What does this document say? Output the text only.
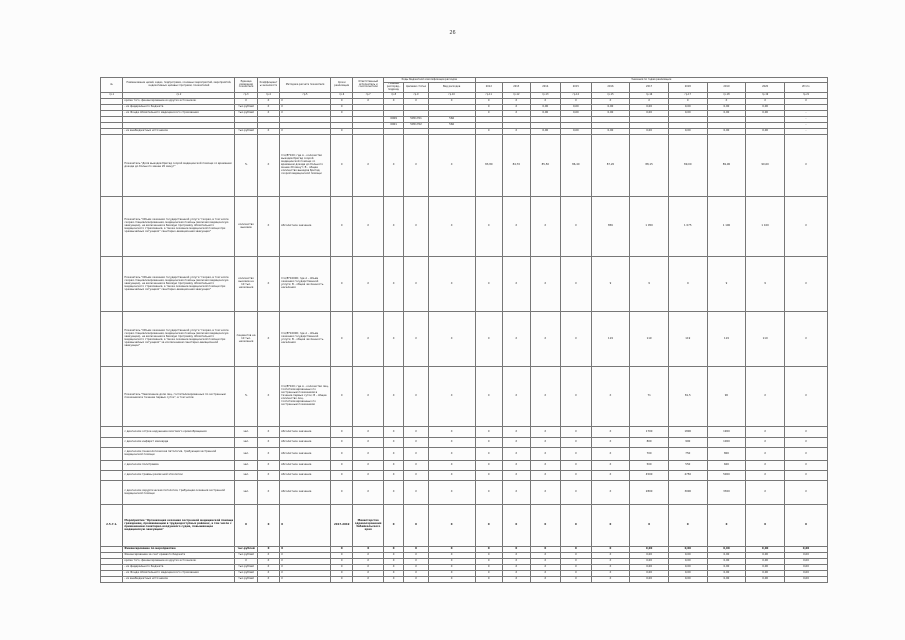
26
№	Наименование целей, задач, подпрограмм, основных мероприятий, мероприятий, индикативных целевых программ, показателей	Единица измерения показателя	Коэффициенты значимости	Методика расчета показателя	Сроки реализации	Ответственный исполнитель и соисполнители	Коды бюджетной классификации расходов			Значения по годам реализации									
							Главный распоряд., подразд.	Целевая статья	Вид расходов	2012	2013	2014	2015	2016	2017	2018	2019	2020	Итого
гр.1	гр.2	гр.3	гр.4	гр.5	гр.6	гр.7	гр.8	гр.9	гр.10	гр.11	гр.12	гр.13	гр.14	гр.15	гр.16	гр.17	гр.18	гр.19	гр.21
	кроме того, финансирование из других источников:	Х	Х	Х	Х	Х	Х	Х	Х	Х	Х	Х	Х	Х	Х	Х	Х	Х	Х
	- из федерального бюджета	тыс.рублей	Х	Х	Х					Х	Х	0,00	0,00	0,00	0,00	0,00	0,00	0,00	
	- из Фонда обязательного медицинского страхования	тыс.рублей	Х	Х	Х					Х	Х	0,00	0,00	0,00	0,00	0,00	0,00	0,00	-
							0909	5051701	560										-
							0901	5051702	560										-
	- из внебюджетных источников	тыс.рублей	Х	Х	Х					Х	Х	0,00	0,00	0,00	0,00	0,00	0,00	0,00	-
	Показатель "Доля выездов бригад скорой медицинской помощи со временем доезда до больного менее 20 минут"	%	Х	I=A/B*100; где A - количество выездов бригад скорой медицинской помощи со временем доезда до больного менее 20 минут; B - общее количество выездов бригад скорой медицинской помощи	Х	Х	Х	Х	Х	83,80	84,70	85,50	86,40	87,20	88,15	89,00	89,90	90,00	Х
	Показатель "Объем оказания государственной услуги "скорая, в том числе скорая специализированная, медицинская помощь (включая медицинскую эвакуацию), не включенная в базовую программу обязательного медицинского страхования, а также оказание медицинской помощи при чрезвычайных ситуациях" санитарно-авиационная эвакуация"	количество вызовов	Х	Абсолютное значение	Х	Х	Х	Х	Х	Х	Х	Х	Х	856	1 050	1 075	1 100	1 100	Х
	Показатель "Объем оказания государственной услуги "скорая, в том числе скорая специализированная, медицинская помощь (включая медицинскую эвакуацию), не включенная в базовую программу обязательного медицинского страхования, а также оказание медицинской помощи при чрезвычайных ситуациях" санитарно-авиационная эвакуация"	количество вызовов на 10 тыс. населения	Х	I=A/B*10000; где A - объем оказания государственной услуги; B - общая численность населения	Х	Х	Х	Х	Х	Х	Х	Х	Х	9	9	9	9	9	Х
	Показатель "Объем оказания государственной услуги "скорая, в том числе скорая специализированная, медицинская помощь (включая медицинскую эвакуацию), не включенная в базовую программу обязательного медицинского страхования, а также оказание медицинской помощи при чрезвычайных ситуациях" за исключением санитарно-авиационной эвакуации"	пациентов на 10 тыс. населения	Х	I=A/B*10000; где A - объем оказания государственной услуги; B - общая численность населения	Х	Х	Х	Х	Х	Х	Х	Х	Х	119	119	119	119	119	Х
	Показатель "Увеличение доли лиц, госпитализированных по экстренным показаниям в течение первых суток", в том числе:	%	Х	I=A/B*100; где A - количество лиц, госпитализированных по экстренным показаниям в течение первых суток; B - общее количество лиц, госпитализированных по экстренным показаниям	Х	Х	Х	Х	Х	Х	Х	Х	Х	Х	71	81,5	90	Х	Х
	с диагнозом острое нарушение мозгового кровообращения	чел.	Х	Абсолютное значение	Х	Х	Х	Х	Х	Х	Х	Х	Х	Х	1700	1800	1900	Х	Х
	с диагнозом инфаркт миокарда	чел.	Х	Абсолютное значение	Х	Х	Х	Х	Х	Х	Х	Х	Х	Х	800	900	1000	Х	Х
	с диагнозом гинекологическая патология, требующая экстренной медицинской помощи	чел.	Х	Абсолютное значение	Х	Х	Х	Х	Х	Х	Х	Х	Х	Х	700	750	800	Х	Х
	с диагнозом политравма	чел.	Х	Абсолютное значение	Х	Х	Х	Х	Х	Х	Х	Х	Х	Х	500	550	600	Х	Х
	с диагнозом травмы различной этиологии	чел.	Х	Абсолютное значение	Х	Х	Х	Х	Х	Х	Х	Х	Х	Х	4500	4750	5000	Х	Х
	с диагнозом хирургическая патология, требующая оказания экстренной медицинской помощи	чел.	Х	Абсолютное значение	Х	Х	Х	Х	Х	Х	Х	Х	Х	Х	2800	3000	3300	Х	Х
2.5.7.1.	Мероприятие "Организация оказания экстренной медицинской помощи гражданам, проживающим в труднодоступных районах, в том числе с применением санитарно-воздушного судна, повышающее медицинскую эвакуацию"	Х	Х	Х	2017-2019	Министерство здравоохранения Забайкальского края	Х	Х	Х	Х	Х	Х	Х	Х	Х	Х	Х	Х	Х
	Финансирование по мероприятию	тыс.рублей	Х	Х	Х	Х	Х	Х	Х	Х	Х	Х	Х	Х	0,00	0,00	0,00	0,00	0,00
	Финансирование за счет краевого бюджета	тыс.рублей	Х	Х	Х	Х	Х	Х	Х	Х	Х	Х	Х	Х	0,00	0,00	0,00	0,00	0,00
	кроме того, финансирование из других источников:	Х	Х	Х	Х	Х	Х	Х	Х	Х	Х	Х	Х	Х	0,00	0,00	0,00	0,00	0,00
	- из федерального бюджета	тыс.рублей	Х	Х	Х	Х	Х	Х	Х	Х	Х	Х	Х	Х	0,00	0,00	0,00	0,00	0,00
	- из Фонда обязательного медицинского страхования	тыс.рублей	Х	Х	Х	Х	Х	Х	Х	Х	Х	Х	Х	Х	0,00	0,00	0,00	0,00	0,00
	- из внебюджетных источников	тыс.рублей	Х	Х	Х	Х	Х	Х	Х	Х	Х	Х	Х	Х	0,00	0,00	0,00	0,00	0,00
